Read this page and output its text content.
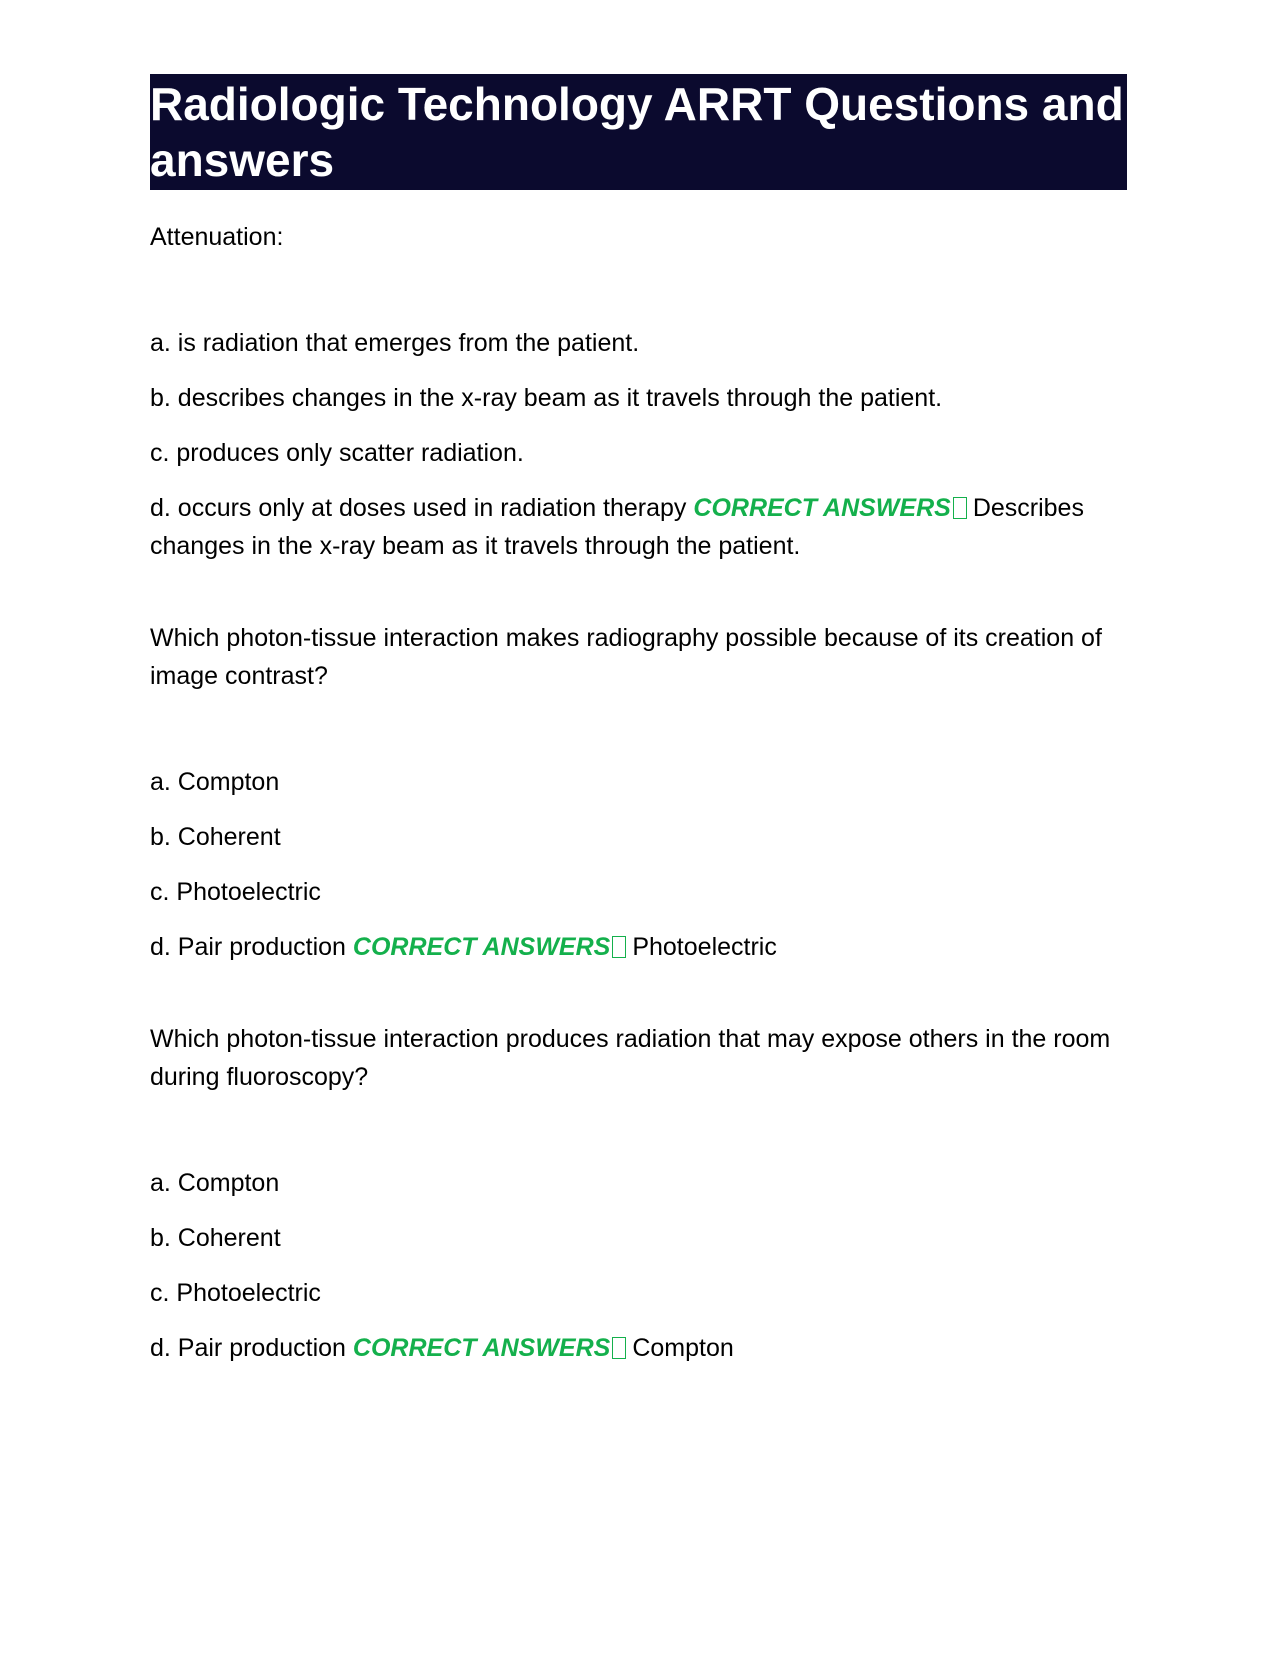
Radiologic Technology ARRT Questions and answers

Attenuation:

a. is radiation that emerges from the patient.

b. describes changes in the x-ray beam as it travels through the patient.

c. produces only scatter radiation.

d. occurs only at doses used in radiation therapy CORRECT ANSWERS Describes changes in the x-ray beam as it travels through the patient.

Which photon-tissue interaction makes radiography possible because of its creation of image contrast?

a. Compton

b. Coherent

c. Photoelectric

d. Pair production CORRECT ANSWERS Photoelectric

Which photon-tissue interaction produces radiation that may expose others in the room during fluoroscopy?

a. Compton

b. Coherent

c. Photoelectric

d. Pair production CORRECT ANSWERS Compton
